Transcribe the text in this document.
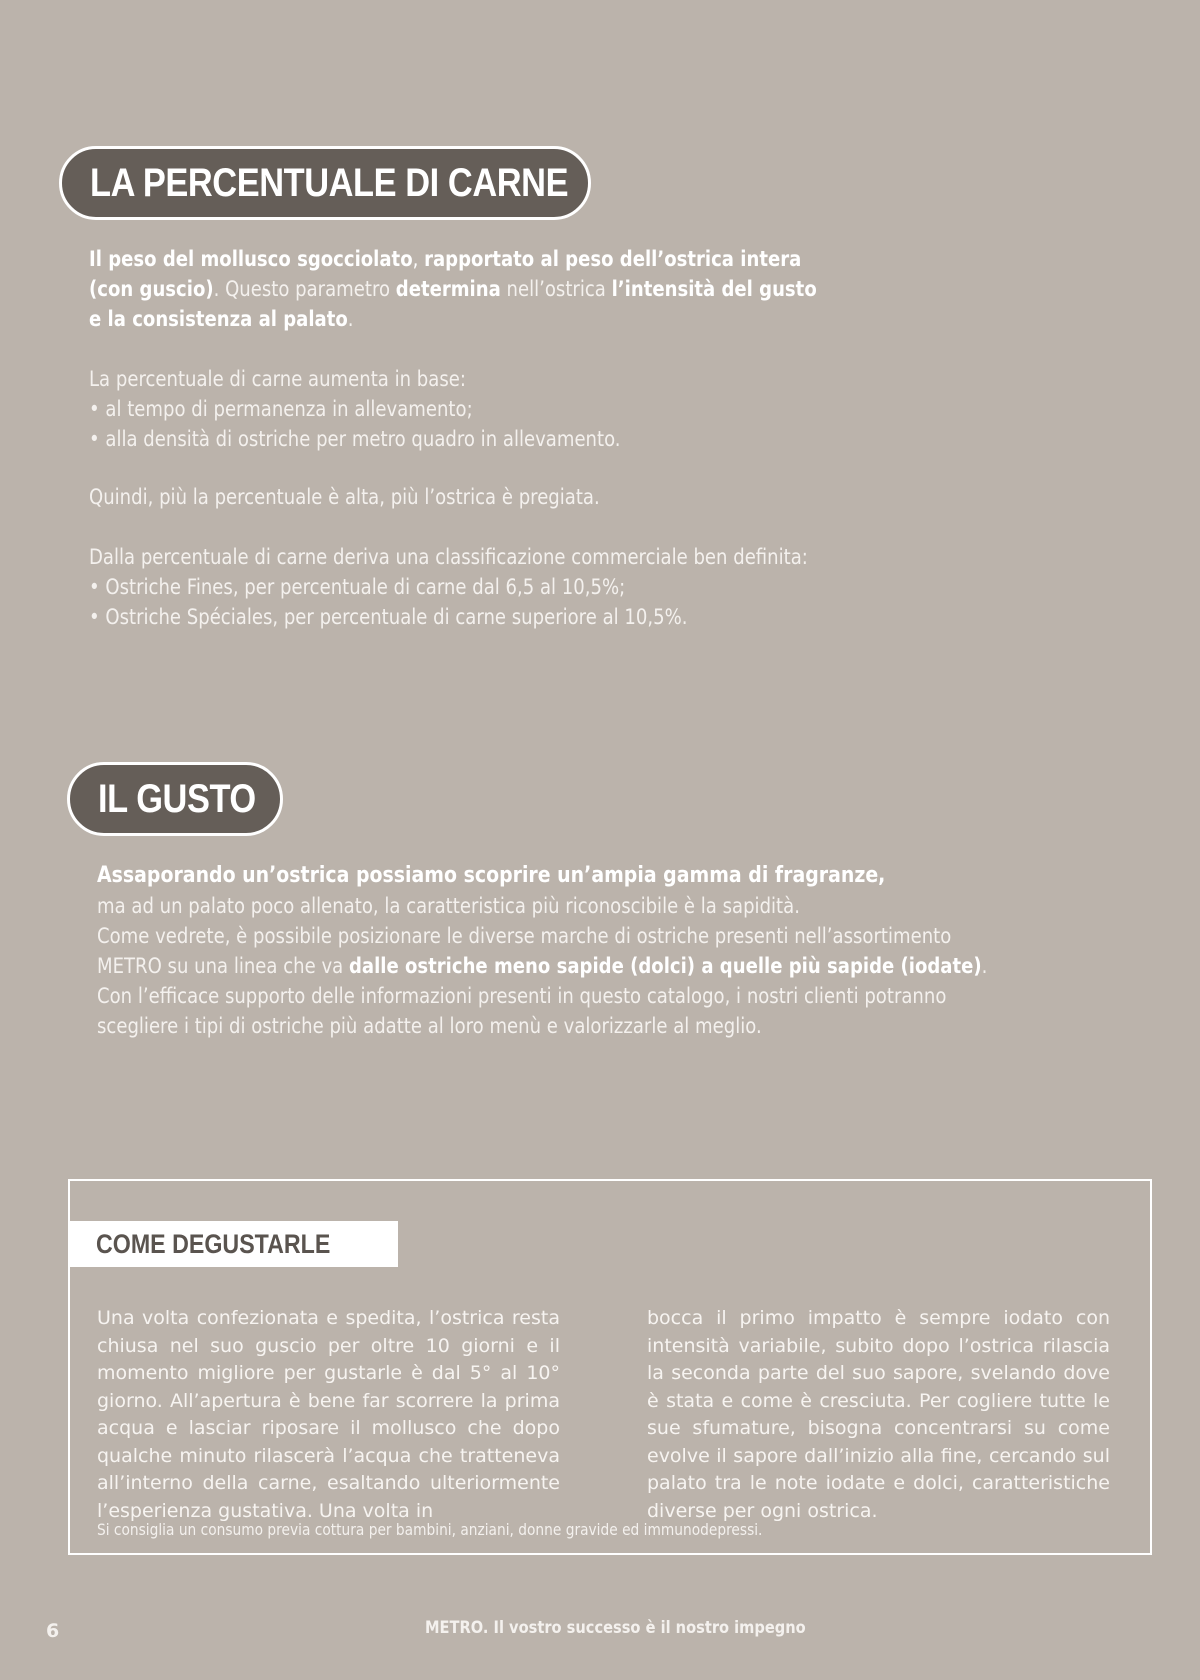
LA PERCENTUALE DI CARNE
Il peso del mollusco sgocciolato, rapportato al peso dell’ostrica intera
(con guscio). Questo parametro determina nell’ostrica l’intensità del gusto
e la consistenza al palato.
La percentuale di carne aumenta in base:
• al tempo di permanenza in allevamento;
• alla densità di ostriche per metro quadro in allevamento.
Quindi, più la percentuale è alta, più l’ostrica è pregiata.
Dalla percentuale di carne deriva una classificazione commerciale ben definita:
• Ostriche Fines, per percentuale di carne dal 6,5 al 10,5%;
• Ostriche Spéciales, per percentuale di carne superiore al 10,5%.
IL GUSTO
Assaporando un’ostrica possiamo scoprire un’ampia gamma di fragranze,
ma ad un palato poco allenato, la caratteristica più riconoscibile è la sapidità.
Come vedrete, è possibile posizionare le diverse marche di ostriche presenti nell’assortimento
METRO su una linea che va dalle ostriche meno sapide (dolci) a quelle più sapide (iodate).
Con l’efficace supporto delle informazioni presenti in questo catalogo, i nostri clienti potranno
scegliere i tipi di ostriche più adatte al loro menù e valorizzarle al meglio.
COME DEGUSTARLE

Una volta confezionata e spedita, l’ostrica resta chiusa nel suo guscio per oltre 10 giorni e il momento migliore per gustarle è dal 5° al 10° giorno. All’apertura è bene far scorrere la prima acqua e lasciar riposare il mollusco che dopo qualche minuto rilascerà l’acqua che tratteneva all’interno della carne, esaltando ulteriormente l’esperienza gustativa. Una volta in

bocca il primo impatto è sempre iodato con intensità variabile, subito dopo l’ostrica rilascia la seconda parte del suo sapore, svelando dove è stata e come è cresciuta. Per cogliere tutte le sue sfumature, bisogna concentrarsi su come evolve il sapore dall’inizio alla fine, cercando sul palato tra le note iodate e dolci, caratteristiche diverse per ogni ostrica.

Si consiglia un consumo previa cottura per bambini, anziani, donne gravide ed immunodepressi.
6	METRO. Il vostro successo è il nostro impegno
